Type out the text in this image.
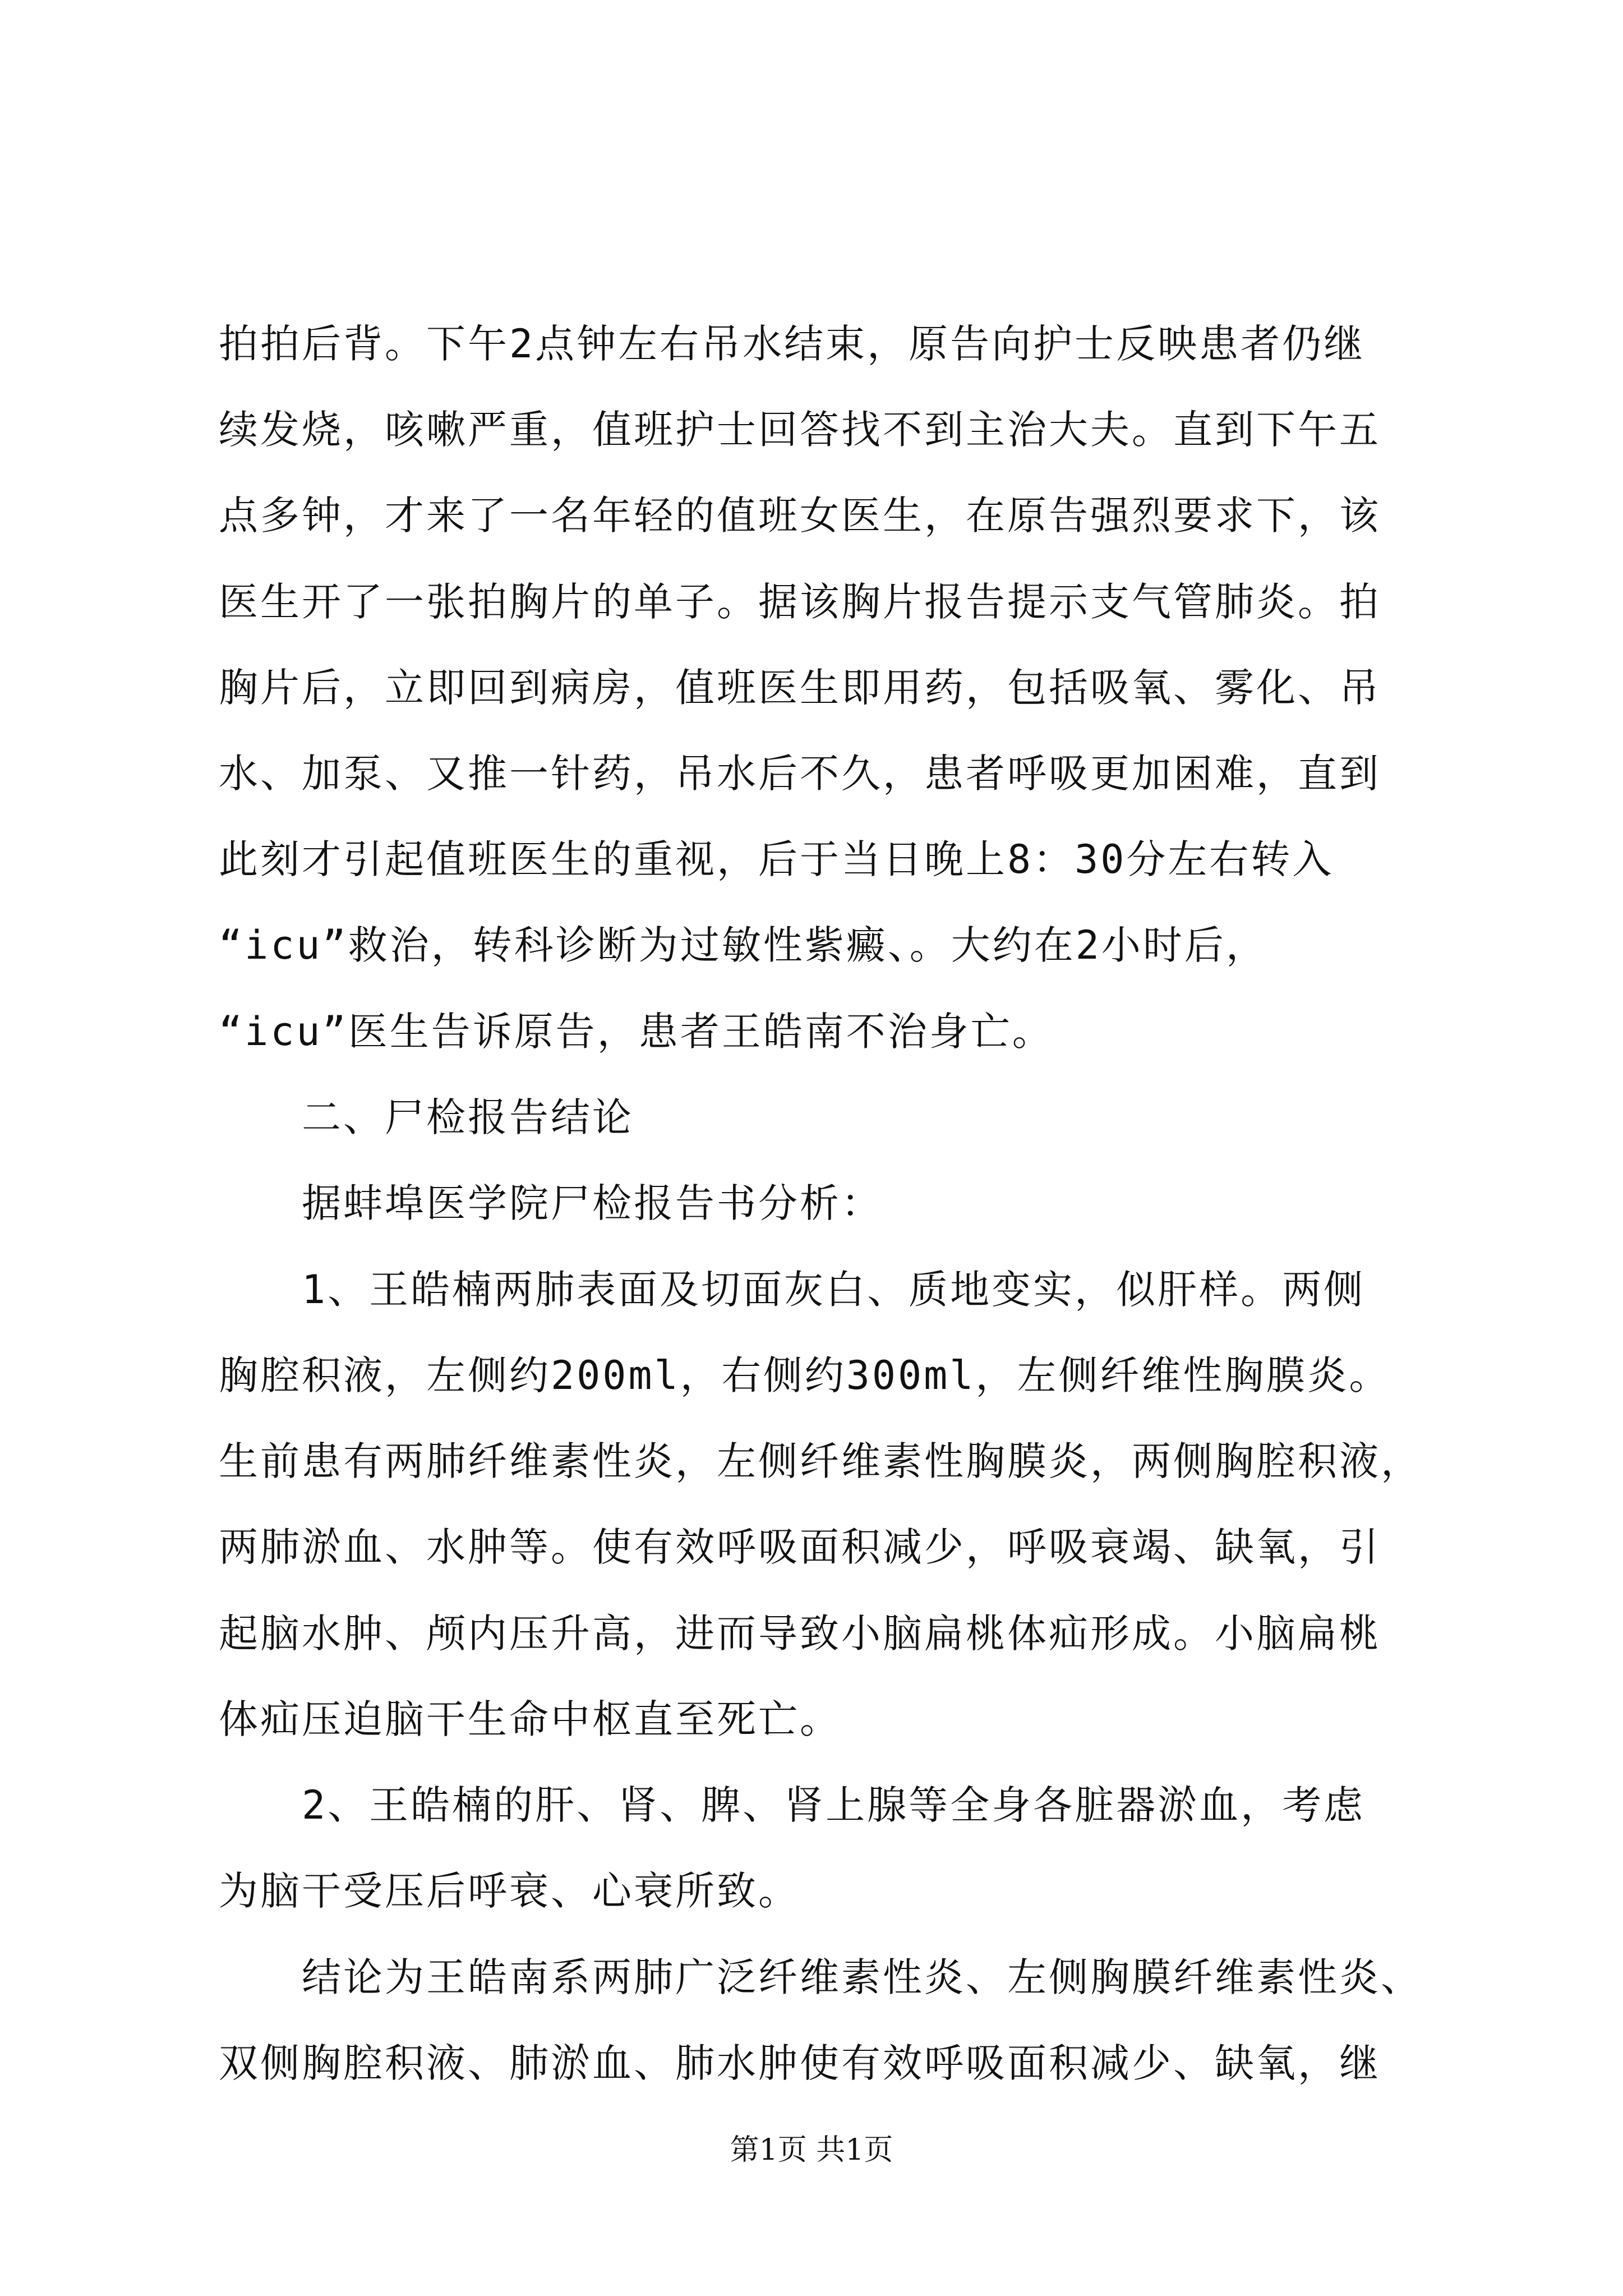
拍拍后背。下午2点钟左右吊水结束，原告向护士反映患者仍继
续发烧，咳嗽严重，值班护士回答找不到主治大夫。直到下午五
点多钟，才来了一名年轻的值班女医生，在原告强烈要求下，该
医生开了一张拍胸片的单子。据该胸片报告提示支气管肺炎。拍
胸片后，立即回到病房，值班医生即用药，包括吸氧、雾化、吊
水、加泵、又推一针药，吊水后不久，患者呼吸更加困难，直到
此刻才引起值班医生的重视，后于当日晚上8：30分左右转入
“icu”救治，转科诊断为过敏性紫癜、。大约在2小时后，
“icu”医生告诉原告，患者王皓南不治身亡。
二、尸检报告结论
据蚌埠医学院尸检报告书分析：
1、王皓楠两肺表面及切面灰白、质地变实，似肝样。两侧
胸腔积液，左侧约200ml，右侧约300ml，左侧纤维性胸膜炎。
生前患有两肺纤维素性炎，左侧纤维素性胸膜炎，两侧胸腔积液，
两肺淤血、水肿等。使有效呼吸面积减少，呼吸衰竭、缺氧，引
起脑水肿、颅内压升高，进而导致小脑扁桃体疝形成。小脑扁桃
体疝压迫脑干生命中枢直至死亡。
2、王皓楠的肝、肾、脾、肾上腺等全身各脏器淤血，考虑
为脑干受压后呼衰、心衰所致。
结论为王皓南系两肺广泛纤维素性炎、左侧胸膜纤维素性炎、
双侧胸腔积液、肺淤血、肺水肿使有效呼吸面积减少、缺氧，继
第1页 共1页
